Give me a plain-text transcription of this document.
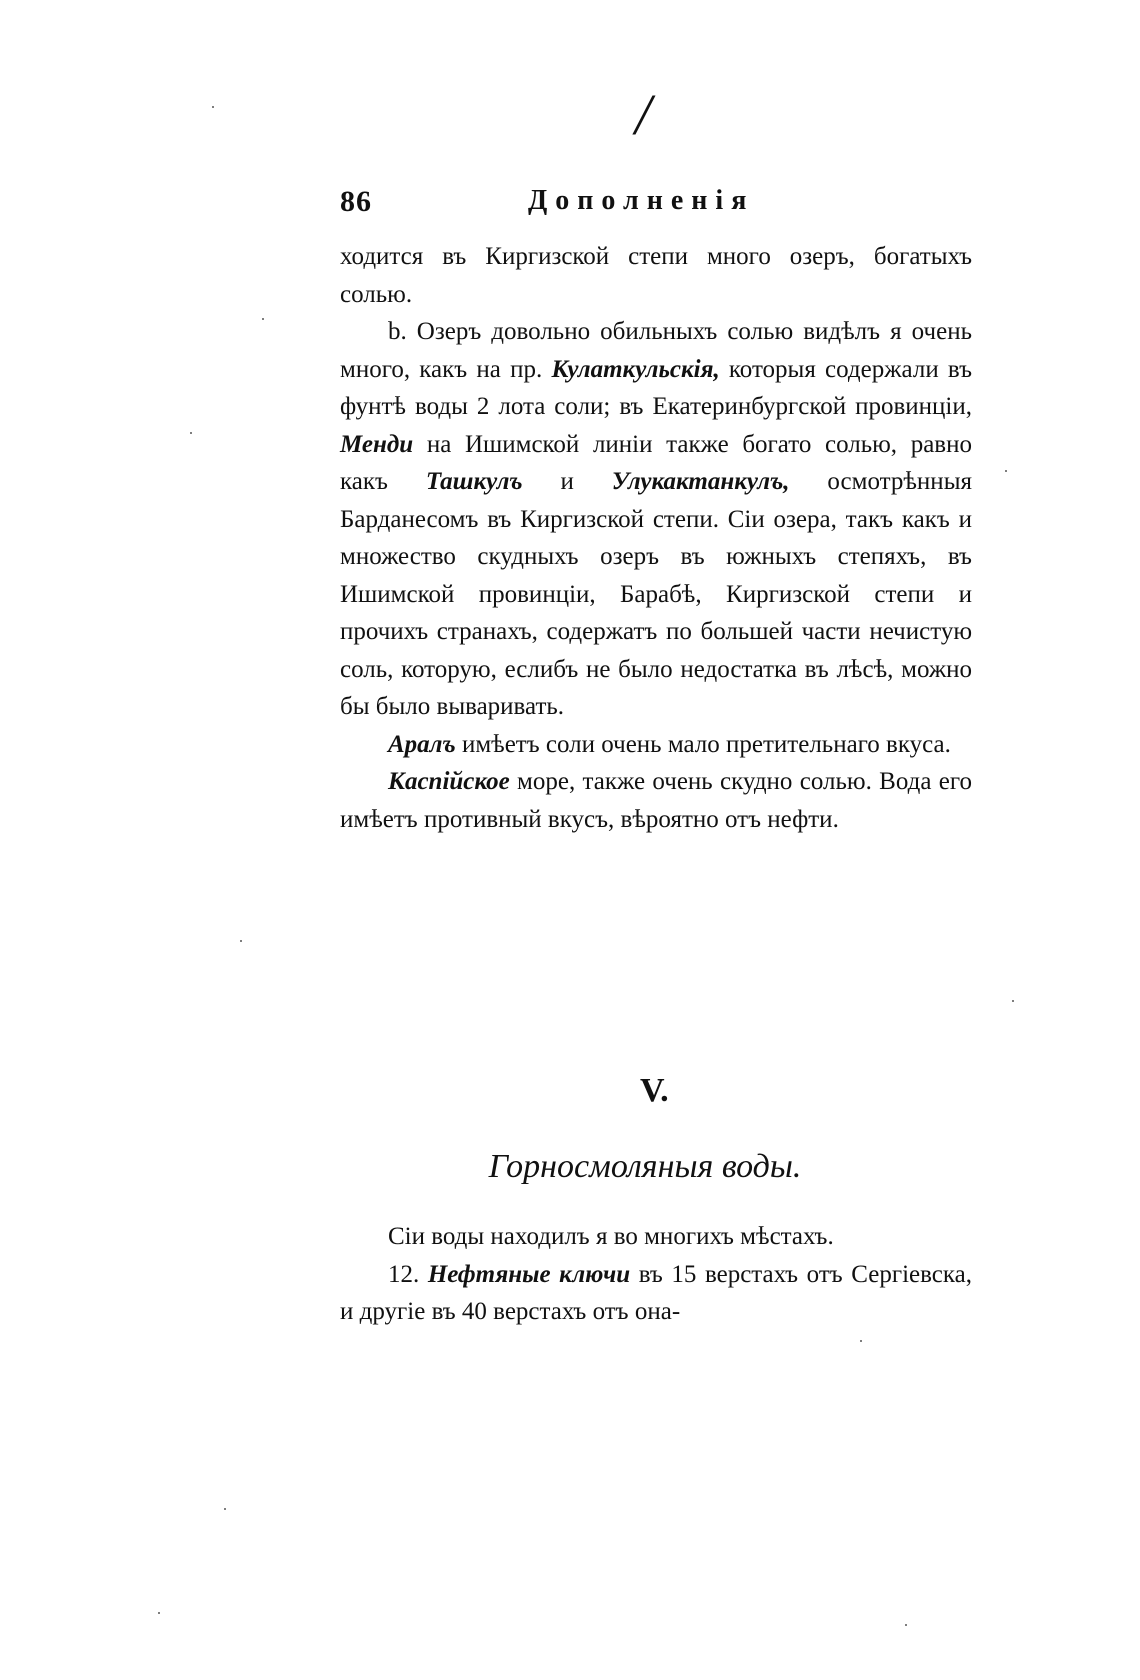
/
86	Дополненія

ходится въ Киргизской степи много озеръ, богатыхъ солью.

b. Озеръ довольно обильныхъ солью видѣлъ я очень много, какъ на пр. Кулаткульскія, которыя содержали въ фунтѣ воды 2 лота соли; въ Екатеринбургской провинціи, Менди на Ишимской линіи также богато солью, равно какъ Ташкулъ и Улукактанкулъ, осмотрѣнныя Барданесомъ въ Киргизской степи. Сіи озера, такъ какъ и множество скудныхъ озеръ въ южныхъ степяхъ, въ Ишимской провинціи, Барабѣ, Киргизской степи и прочихъ странахъ, содержатъ по большей части нечистую соль, которую, еслибъ не было недостатка въ лѣсѣ, можно бы было вываривать.

Аралъ имѣетъ соли очень мало претительнаго вкуса.

Каспійское море, также очень скудно солью. Вода его имѣетъ противный вкусъ, вѣроятно отъ нефти.

V.
Горносмоляныя воды.

Сіи воды находилъ я во многихъ мѣстахъ.

12. Нефтяные ключи въ 15 верстахъ отъ Сергіевска, и другіе въ 40 верстахъ отъ она-
